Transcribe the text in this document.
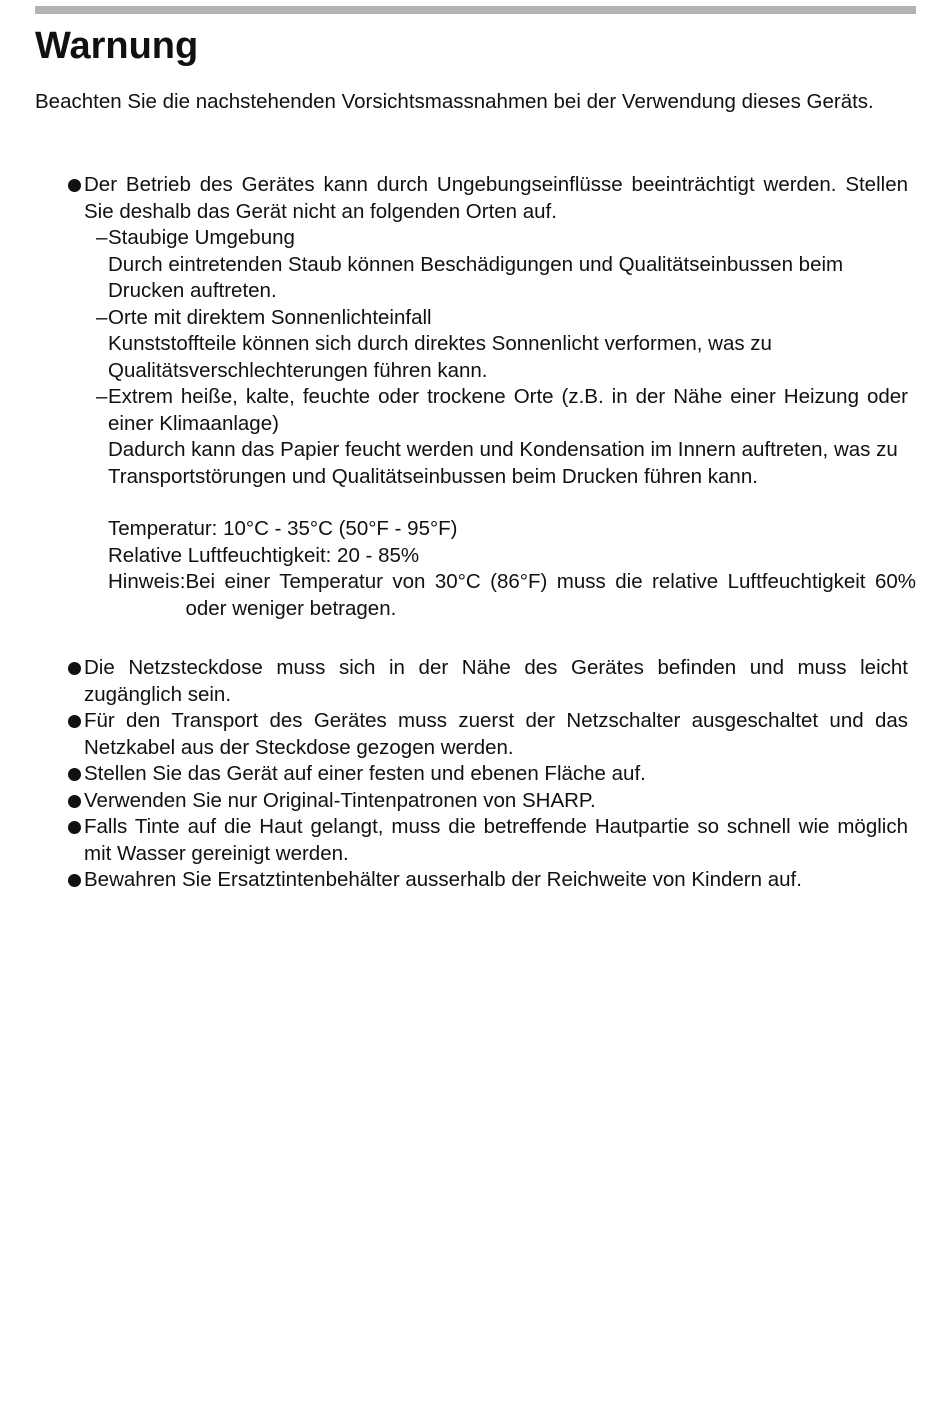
Warnung

Beachten Sie die nachstehenden Vorsichtsmassnahmen bei der Verwendung dieses Geräts.

Der Betrieb des Gerätes kann durch Ungebungseinflüsse beeinträchtigt werden. Stellen Sie deshalb das Gerät nicht an folgenden Orten auf.

– Staubige Umgebung

Durch eintretenden Staub können Beschädigungen und Qualitätseinbussen beim Drucken auftreten.

– Orte mit direktem Sonnenlichteinfall

Kunststoffteile können sich durch direktes Sonnenlicht verformen, was zu Qualitätsverschlechterungen führen kann.

– Extrem heiße, kalte, feuchte oder trockene Orte (z.B. in der Nähe einer Heizung oder einer Klimaanlage)

Dadurch kann das Papier feucht werden und Kondensation im Innern auftreten, was zu Transportstörungen und Qualitätseinbussen beim Drucken führen kann.

Temperatur: 10°C - 35°C (50°F - 95°F)

Relative Luftfeuchtigkeit: 20 - 85%

Hinweis: Bei einer Temperatur von 30°C (86°F) muss die relative Luftfeuchtigkeit 60% oder weniger betragen.

Die Netzsteckdose muss sich in der Nähe des Gerätes befinden und muss leicht zugänglich sein.

Für den Transport des Gerätes muss zuerst der Netzschalter ausgeschaltet und das Netzkabel aus der Steckdose gezogen werden.

Stellen Sie das Gerät auf einer festen und ebenen Fläche auf.

Verwenden Sie nur Original-Tintenpatronen von SHARP.

Falls Tinte auf die Haut gelangt, muss die betreffende Hautpartie so schnell wie möglich mit Wasser gereinigt werden.

Bewahren Sie Ersatztintenbehälter ausserhalb der Reichweite von Kindern auf.
